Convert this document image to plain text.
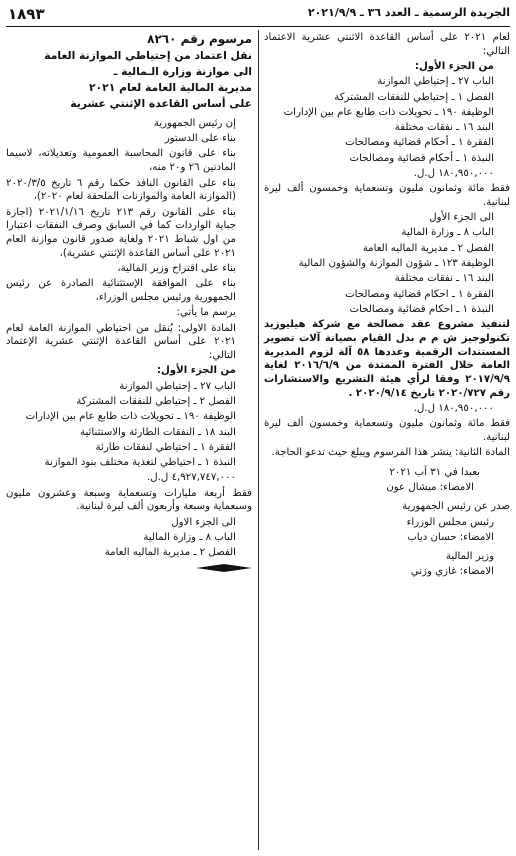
الجريدة الرسمية ـ العدد ٣٦ ـ ٢٠٢١/٩/٩
١٨٩٣

لعام ٢٠٢١ على أساس القاعدة الاثنتي عشرية الاعتماد التالي:

من الجزء الأول:

الباب ٢٧ ـ إحتياطي الموازنة

الفصل ١ ـ إحتياطي للنفقات المشتركة

الوظيفة ١٩٠ ـ تحويلات ذات طابع عام بين الإدارات

البند ١٦ ـ نفقات مختلفة

الفقرة ١ ـ أحكام قضائية ومصالحات

النبذة ١ ـ أحكام قضائية ومصالحات

١٨٠,٩٥٠,٠٠٠ ل.ل.

فقط مائة وثمانون مليون وتسعماية وخمسون ألف ليرة لبنانية.

الى الجزء الأول

الباب ٨ ـ وزارة المالية

الفصل ٢ ـ مديرية الماليه العامة

الوظيفة ١٢٣ ـ شؤون الموازنة والشؤون المالية

البند ١٦ ـ نفقات مختلفة

الفقرة ١ ـ احكام قضائية ومصالحات

النبذة ١ ـ احكام قضائية ومصالحات

لتنفيذ مشروع عقد مصالحة مع شركة هيليوزيد تكنولوجيز ش م م بدل القيام بصيانة آلات تصوير المستندات الرقمية وعددها ٥٨ آلة لزوم المديرية العامة خلال الفترة الممتدة من ٢٠١٦/٦/٩ لغاية ٢٠١٧/٩/٩ وفقا لرأي هيئة التشريع والاستشارات رقم ٢٠٢٠/٧٢٧ تاريخ ٢٠٢٠/٩/١٤ .

١٨٠,٩٥٠,٠٠٠ ل.ل.

فقط مائة وثمانون مليون وتسعماية وخمسون ألف ليرة لبنانية.

المادة الثانية: ينشر هذا المرسوم ويبلغ حيث تدعو الحاجة.

بعبدا في ٣١ آب ٢٠٢١

الامضاء: ميشال عون

صدر عن رئيس الجمهورية

رئيس مجلس الوزراء

الامضاء: حسان دياب

وزير المالية

الامضاء: غازي وزني

مرسوم رقم ٨٢٦٠

نقل اعتماد من إحتياطي الموازنة العامة

الى موازنة وزارة الـمالية ـ

مديرية المالية العامة لعام ٢٠٢١

على أساس القاعدة الإثنتي عشرية

إن رئيس الجمهورية

بناء على الدستور

بناء على قانون المحاسبة العمومية وتعديلاته، لاسيما المادتين ٢٦ و٢٠ منه،

بناء على القانون النافذ حكما رقم ٦ تاريخ ٢٠٢٠/٣/٥ (الموازنة العامة والموازنات الملحقة لعام ٢٠٢٠)،

بناء على القانون رقم ٢١٣ تاريخ ٢٠٢١/١/١٦ (اجازة جباية الواردات كما في السابق وصرف النفقات اعتبارا من اول شباط ٢٠٢١ ولغاية صدور قانون موازنة العام ٢٠٢١ على أساس القاعدة الإثنتي عشرية)،

بناء على اقتراح وزير المالية،

بناء على الموافقة الإستثنائية الصادرة عن رئيس الجمهورية ورئيس مجلس الوزراء،

يرسم ما يأتي:

المادة الاولى: يُنقل من احتياطي الموازنة العامة لعام ٢٠٢١ على أساس القاعدة الإثنتي عشرية الإعتماد التالي:

من الجزء الأول:

الباب ٢٧ ـ إحتياطي الموازنة

الفصل ٢ ـ إحتياطي للنفقات المشتركة

الوظيفة ١٩٠ ـ تحويلات ذات طابع عام بين الإدارات

البند ١٨ ـ النفقات الطارئة والاستثنائية

الفقرة ١ ـ احتياطي لنفقات طارئة

النبذة ١ ـ احتياطي لتغذية مختلف بنود الموازنة

٤,٩٢٧,٧٤٧,٠٠٠ ل.ل.

فقط أربعة مليارات وتسعماية وسبعة وعشرون مليون وسبعماية وسبعة وأربعون ألف ليرة لبنانية.

الى الجزء الاول

الباب ٨ ـ وزارة المالية

الفصل ٢ ـ مديرية الماليه العامة
